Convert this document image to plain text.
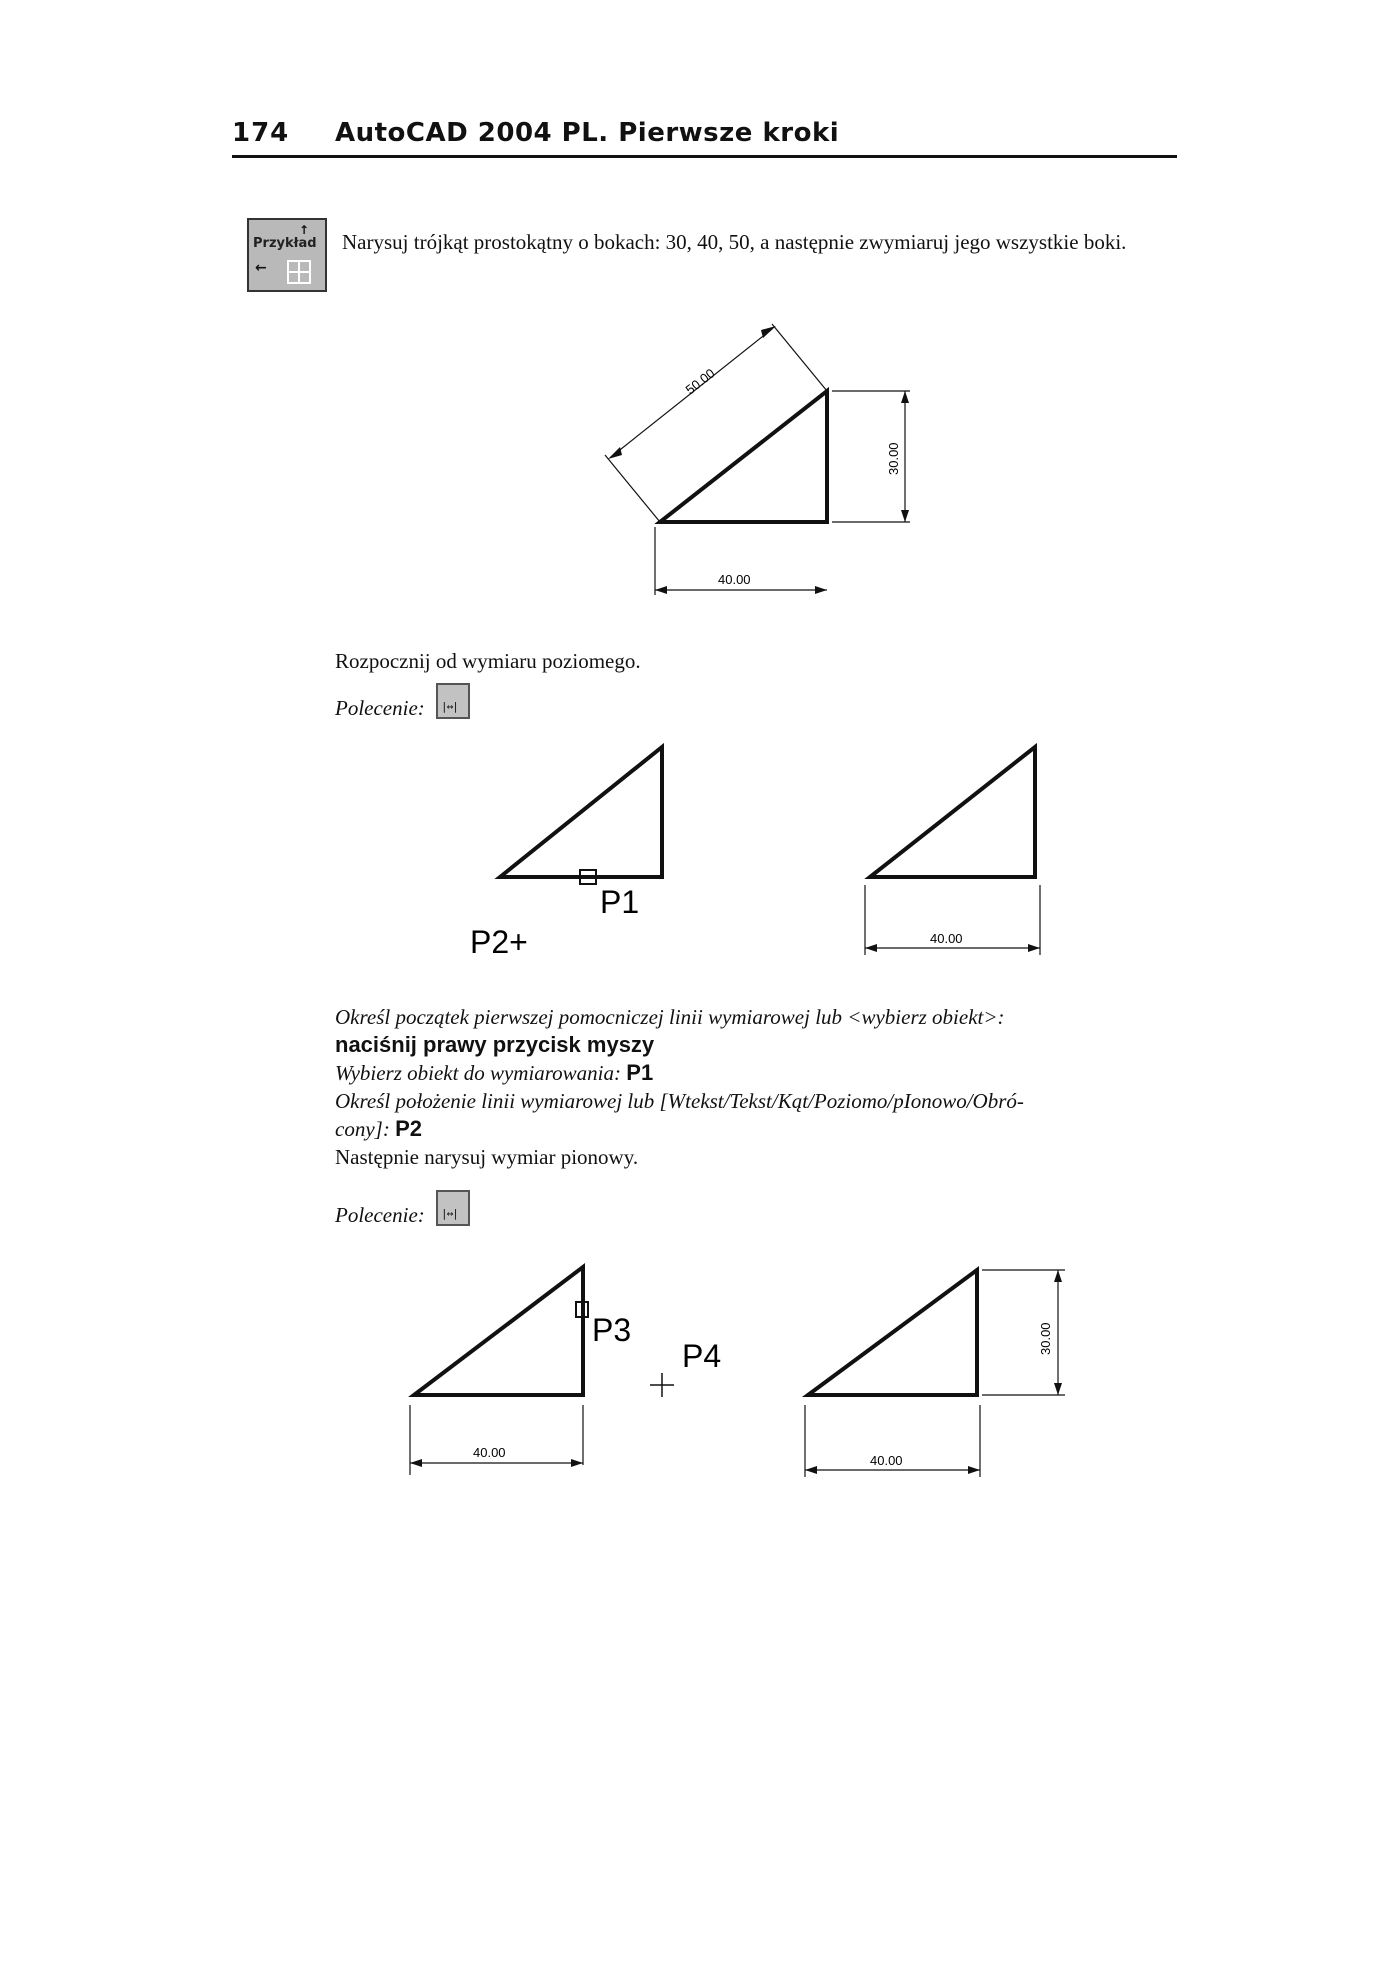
174 AutoCAD 2004 PL. Pierwsze kroki
Przykład
↑
←
Narysuj trójkąt prostokątny o bokach: 30, 40, 50, a następnie zwymiaruj jego wszystkie boki.
50.00
30.00
40.00
Rozpocznij od wymiaru poziomego.
Polecenie: |↔|
P1
P2+	40.00
Określ początek pierwszej pomocniczej linii wymiarowej lub <wybierz obiekt>:
naciśnij prawy przycisk myszy
Wybierz obiekt do wymiarowania: P1
Określ położenie linii wymiarowej lub [Wtekst/Tekst/Kąt/Poziomo/pIonowo/Obró-
cony]: P2
Następnie narysuj wymiar pionowy.
Polecenie: |↔|
P3
P4
40.00
40.00
30.00
